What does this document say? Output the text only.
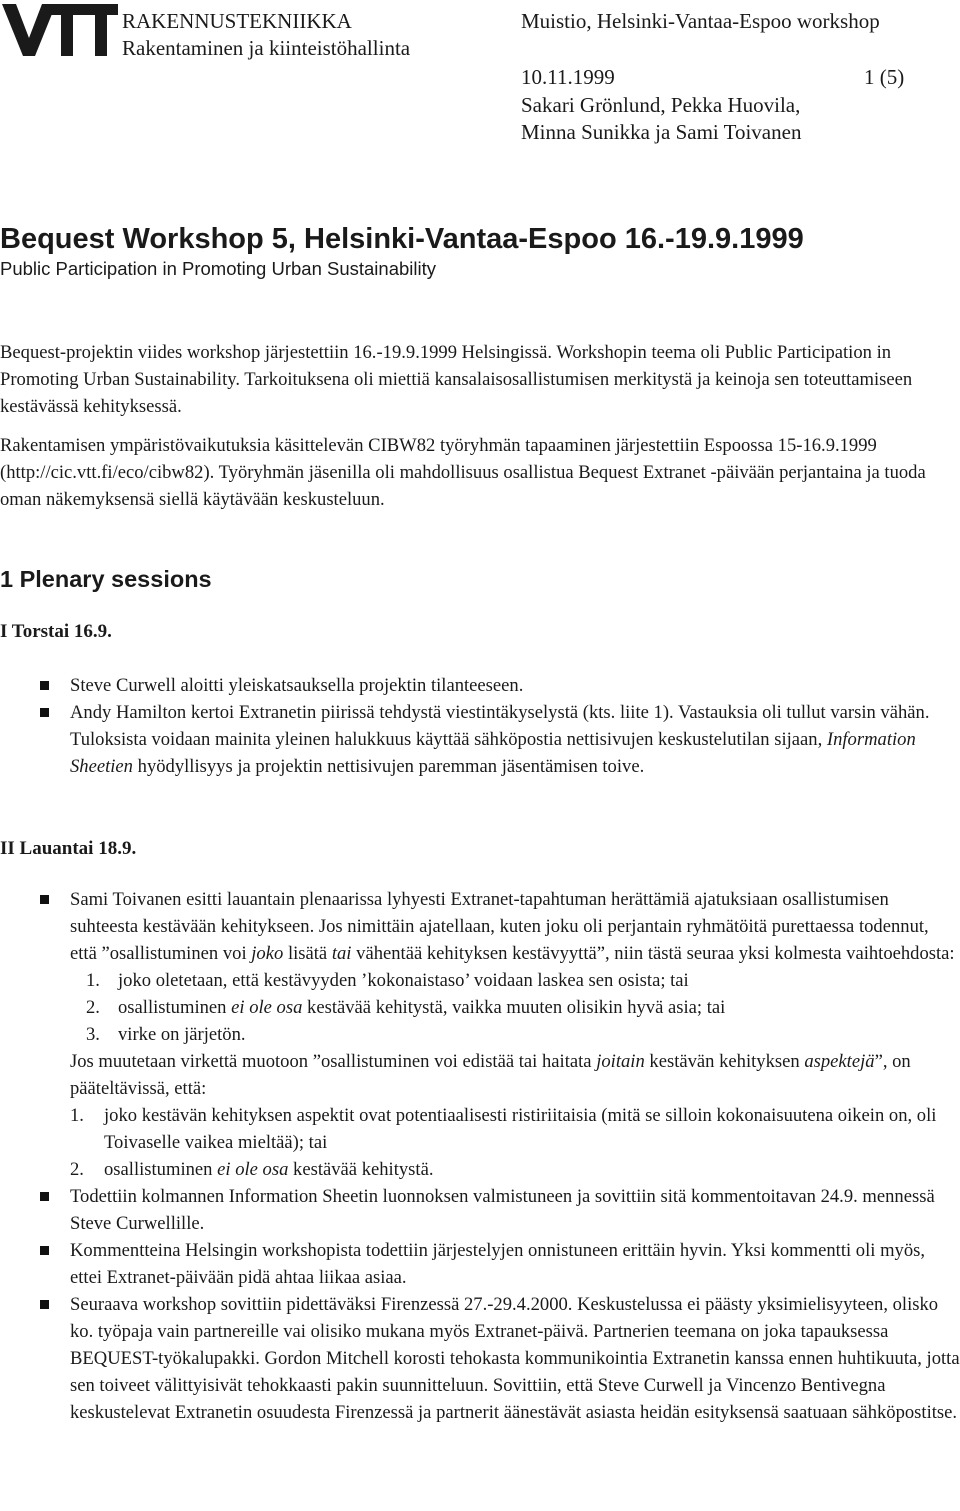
RAKENNUSTEKNIIKKA
Rakentaminen ja kiinteistöhallinta
Muistio, Helsinki-Vantaa-Espoo workshop
10.11.1999	1 (5)
Sakari Grönlund, Pekka Huovila,
Minna Sunikka ja Sami Toivanen
Bequest Workshop 5, Helsinki-Vantaa-Espoo 16.-19.9.1999
Public Participation in Promoting Urban Sustainability
Bequest-projektin viides workshop järjestettiin 16.-19.9.1999 Helsingissä. Workshopin teema oli Public Participation in Promoting Urban Sustainability. Tarkoituksena oli miettiä kansalaisosallistumisen merkitystä ja keinoja sen toteuttamiseen kestävässä kehityksessä.
Rakentamisen ympäristövaikutuksia käsittelevän CIBW82 työryhmän tapaaminen järjestettiin Espoossa 15-16.9.1999 (http://cic.vtt.fi/eco/cibw82). Työryhmän jäsenilla oli mahdollisuus osallistua Bequest Extranet -päivään perjantaina ja tuoda oman näkemyksensä siellä käytävään keskusteluun.
1 Plenary sessions
I Torstai 16.9.
Steve Curwell aloitti yleiskatsauksella projektin tilanteeseen.
Andy Hamilton kertoi Extranetin piirissä tehdystä viestintäkyselystä (kts. liite 1). Vastauksia oli tullut varsin vähän. Tuloksista voidaan mainita yleinen halukkuus käyttää sähköpostia nettisivujen keskustelutilan sijaan, Information Sheetien hyödyllisyys ja projektin nettisivujen paremman jäsentämisen toive.
II Lauantai 18.9.
Sami Toivanen esitti lauantain plenaarissa lyhyesti Extranet-tapahtuman herättämiä ajatuksiaan osallistumisen suhteesta kestävään kehitykseen. Jos nimittäin ajatellaan, kuten joku oli perjantain ryhmätöitä purettaessa todennut, että ”osallistuminen voi joko lisätä tai vähentää kehityksen kestävyyttä”, niin tästä seuraa yksi kolmesta vaihtoehdosta:
1. joko oletetaan, että kestävyyden ’kokonaistaso’ voidaan laskea sen osista; tai
2. osallistuminen ei ole osa kestävää kehitystä, vaikka muuten olisikin hyvä asia; tai
3. virke on järjetön.
Jos muutetaan virkettä muotoon ”osallistuminen voi edistää tai haitata joitain kestävän kehityksen aspektejä”, on pääteltävissä, että:
1. joko kestävän kehityksen aspektit ovat potentiaalisesti ristiriitaisia (mitä se silloin kokonaisuutena oikein on, oli Toivaselle vaikea mieltää); tai
2. osallistuminen ei ole osa kestävää kehitystä.
Todettiin kolmannen Information Sheetin luonnoksen valmistuneen ja sovittiin sitä kommentoitavan 24.9. mennessä Steve Curwellille.
Kommentteina Helsingin workshopista todettiin järjestelyjen onnistuneen erittäin hyvin. Yksi kommentti oli myös, ettei Extranet-päivään pidä ahtaa liikaa asiaa.
Seuraava workshop sovittiin pidettäväksi Firenzessä 27.-29.4.2000. Keskustelussa ei päästy yksimielisyyteen, olisko ko. työpaja vain partnereille vai olisiko mukana myös Extranet-päivä. Partnerien teemana on joka tapauksessa BEQUEST-työkalupakki. Gordon Mitchell korosti tehokasta kommunikointia Extranetin kanssa ennen huhtikuuta, jotta sen toiveet välittyisivät tehokkaasti pakin suunnitteluun. Sovittiin, että Steve Curwell ja Vincenzo Bentivegna keskustelevat Extranetin osuudesta Firenzessä ja partnerit äänestävät asiasta heidän esityksensä saatuaan sähköpostitse.
